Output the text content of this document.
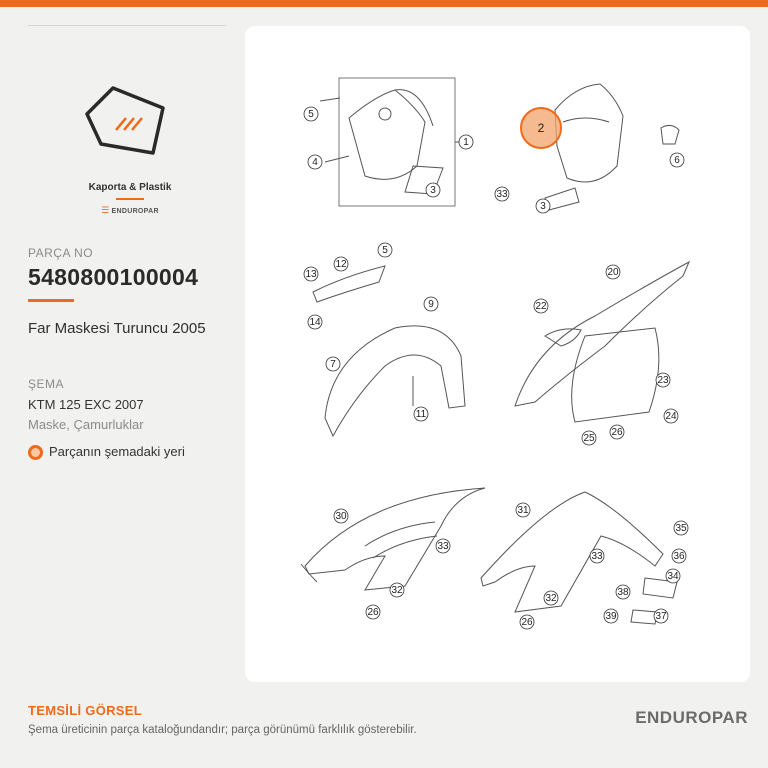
Kaporta & Plastik
☰ ENDUROPAR
PARÇA NO
5480800100004
Far Maskesi Turuncu 2005
ŞEMA
KTM 125 EXC 2007
Maske, Çamurluklar
Parçanın şemadaki yeri
5
4
1
3
2
6
33
3
13
12
5
14
9
7
11
20
22
23
24
25
26
30
33
32
26
31
33
32
26
35
36
34
38
39	37
TEMSİLİ GÖRSEL
Şema üreticinin parça kataloğundandır; parça görünümü farklılık gösterebilir.
ENDUROPAR
